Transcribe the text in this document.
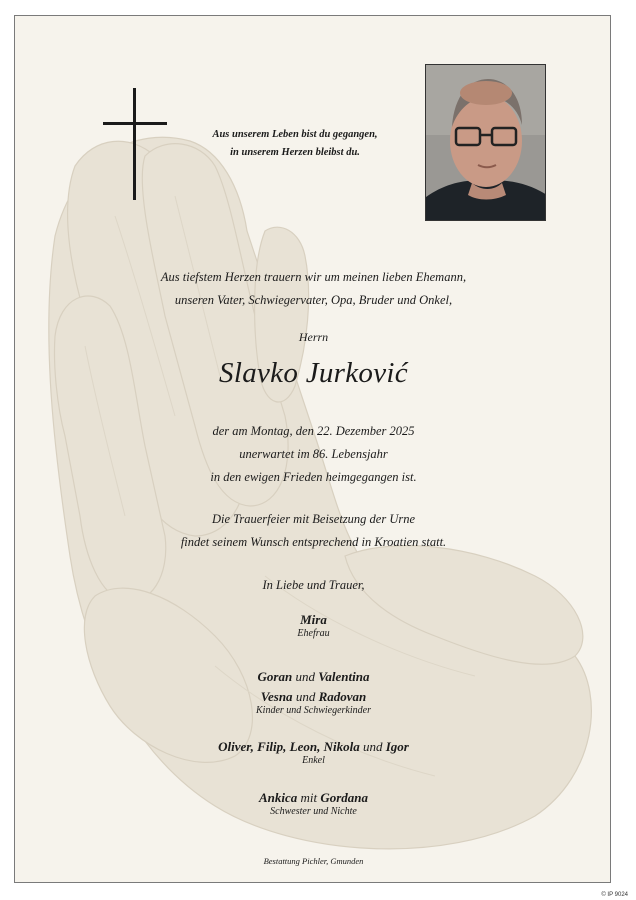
Aus unserem Leben bist du gegangen,
in unserem Herzen bleibst du.
Aus tiefstem Herzen trauern wir um meinen lieben Ehemann,
unseren Vater, Schwiegervater, Opa, Bruder und Onkel,
Herrn
Slavko Jurković
der am Montag, den 22. Dezember 2025
unerwartet im 86. Lebensjahr
in den ewigen Frieden heimgegangen ist.
Die Trauerfeier mit Beisetzung der Urne
findet seinem Wunsch entsprechend in Kroatien statt.
In Liebe und Trauer,
Mira
Ehefrau
Goran und Valentina
Vesna und Radovan
Kinder und Schwiegerkinder
Oliver, Filip, Leon, Nikola und Igor
Enkel
Ankica mit Gordana
Schwester und Nichte
Bestattung Pichler, Gmunden
© IP 9024
